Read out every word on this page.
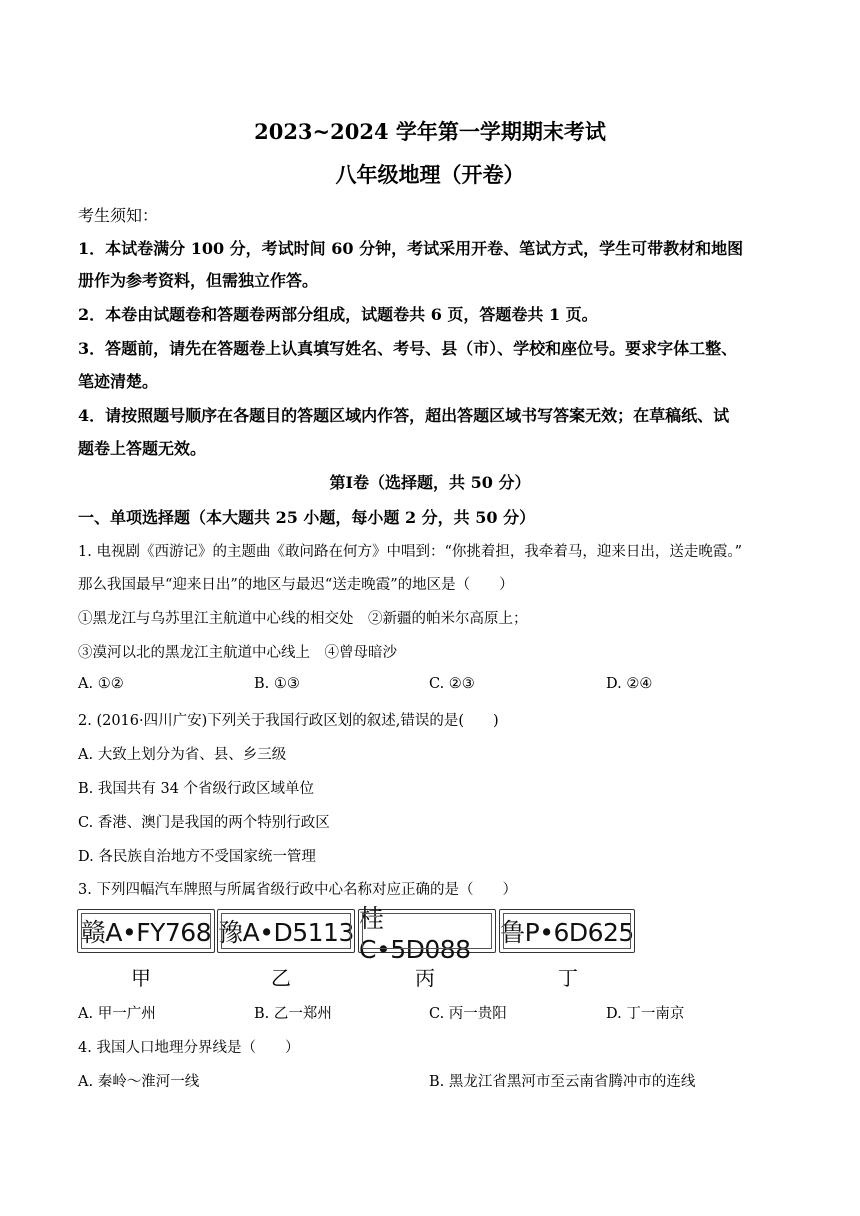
2023~2024 学年第一学期期末考试
八年级地理（开卷）
考生须知：
1．本试卷满分 100 分，考试时间 60 分钟，考试采用开卷、笔试方式，学生可带教材和地图
册作为参考资料，但需独立作答。
2．本卷由试题卷和答题卷两部分组成，试题卷共 6 页，答题卷共 1 页。
3．答题前，请先在答题卷上认真填写姓名、考号、县（市）、学校和座位号。要求字体工整、
笔迹清楚。
4．请按照题号顺序在各题目的答题区域内作答，超出答题区域书写答案无效；在草稿纸、试
题卷上答题无效。
第Ⅰ卷（选择题，共 50 分）
一、单项选择题（本大题共 25 小题，每小题 2 分，共 50 分）
1. 电视剧《西游记》的主题曲《敢问路在何方》中唱到：“你挑着担，我牵着马，迎来日出，送走晚霞。”
那么我国最早“迎来日出”的地区与最迟“送走晚霞”的地区是（　　）
①黑龙江与乌苏里江主航道中心线的相交处　②新疆的帕米尔高原上；
③漠河以北的黑龙江主航道中心线上　④曾母暗沙
A. ①②	B. ①③	C. ②③	D. ②④
2. (2016·四川广安)下列关于我国行政区划的叙述,错误的是(　　)
A. 大致上划分为省、县、乡三级
B. 我国共有 34 个省级行政区域单位
C. 香港、澳门是我国的两个特别行政区
D. 各民族自治地方不受国家统一管理
3. 下列四幅汽车牌照与所属省级行政中心名称对应正确的是（　　）
赣A•FY768 豫A•D5113 桂C•5D088
鲁P•6D625
甲	乙	丙	丁
A. 甲一广州	B. 乙一郑州	C. 丙一贵阳	D. 丁一南京
4. 我国人口地理分界线是（　　）
A. 秦岭～淮河一线	B. 黑龙江省黑河市至云南省腾冲市的连线
